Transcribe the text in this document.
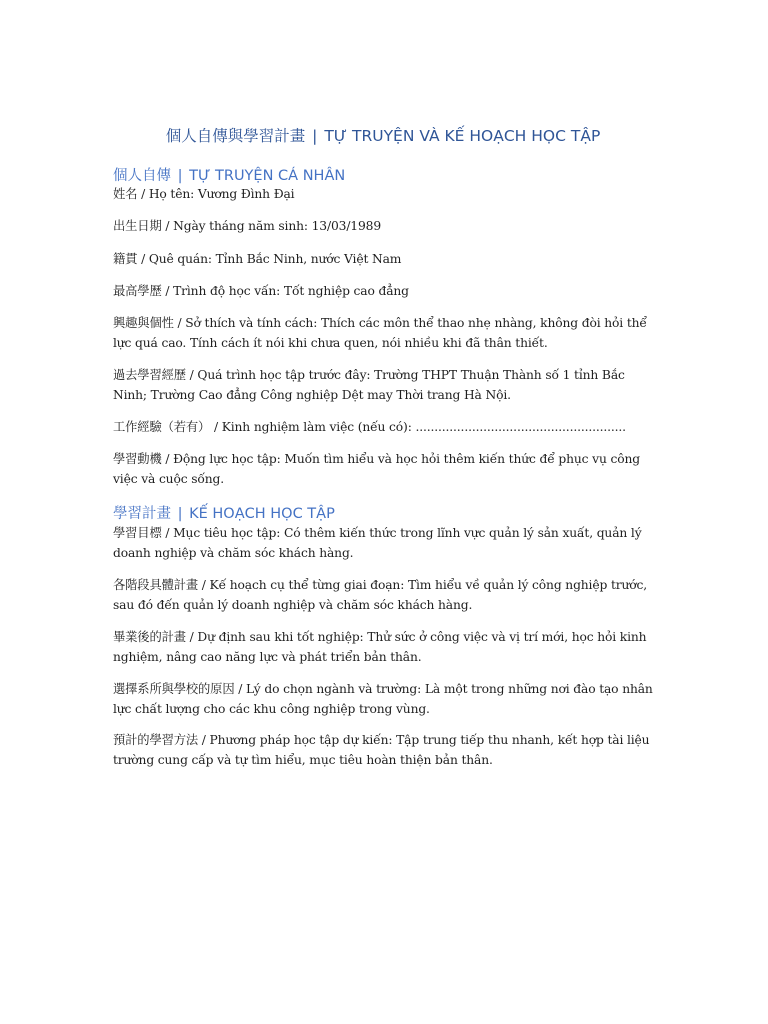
個人自傳與學習計畫 | TỰ TRUYỆN VÀ KẾ HOẠCH HỌC TẬP
個人自傳 | TỰ TRUYỆN CÁ NHÂN
姓名 / Họ tên: Vương Đình Đại
出生日期 / Ngày tháng năm sinh: 13/03/1989
籍貫 / Quê quán: Tỉnh Bắc Ninh, nước Việt Nam
最高學歷 / Trình độ học vấn: Tốt nghiệp cao đẳng
興趣與個性 / Sở thích và tính cách: Thích các môn thể thao nhẹ nhàng, không đòi hỏi thể lực quá cao. Tính cách ít nói khi chưa quen, nói nhiều khi đã thân thiết.
過去學習經歷 / Quá trình học tập trước đây: Trường THPT Thuận Thành số 1 tỉnh Bắc Ninh; Trường Cao đẳng Công nghiệp Dệt may Thời trang Hà Nội.
工作經驗（若有） / Kinh nghiệm làm việc (nếu có): ........................................................
學習動機 / Động lực học tập: Muốn tìm hiểu và học hỏi thêm kiến thức để phục vụ công việc và cuộc sống.
學習計畫 | KẾ HOẠCH HỌC TẬP
學習目標 / Mục tiêu học tập: Có thêm kiến thức trong lĩnh vực quản lý sản xuất, quản lý doanh nghiệp và chăm sóc khách hàng.
各階段具體計畫 / Kế hoạch cụ thể từng giai đoạn: Tìm hiểu về quản lý công nghiệp trước, sau đó đến quản lý doanh nghiệp và chăm sóc khách hàng.
畢業後的計畫 / Dự định sau khi tốt nghiệp: Thử sức ở công việc và vị trí mới, học hỏi kinh nghiệm, nâng cao năng lực và phát triển bản thân.
選擇系所與學校的原因 / Lý do chọn ngành và trường: Là một trong những nơi đào tạo nhân lực chất lượng cho các khu công nghiệp trong vùng.
預計的學習方法 / Phương pháp học tập dự kiến: Tập trung tiếp thu nhanh, kết hợp tài liệu trường cung cấp và tự tìm hiểu, mục tiêu hoàn thiện bản thân.
